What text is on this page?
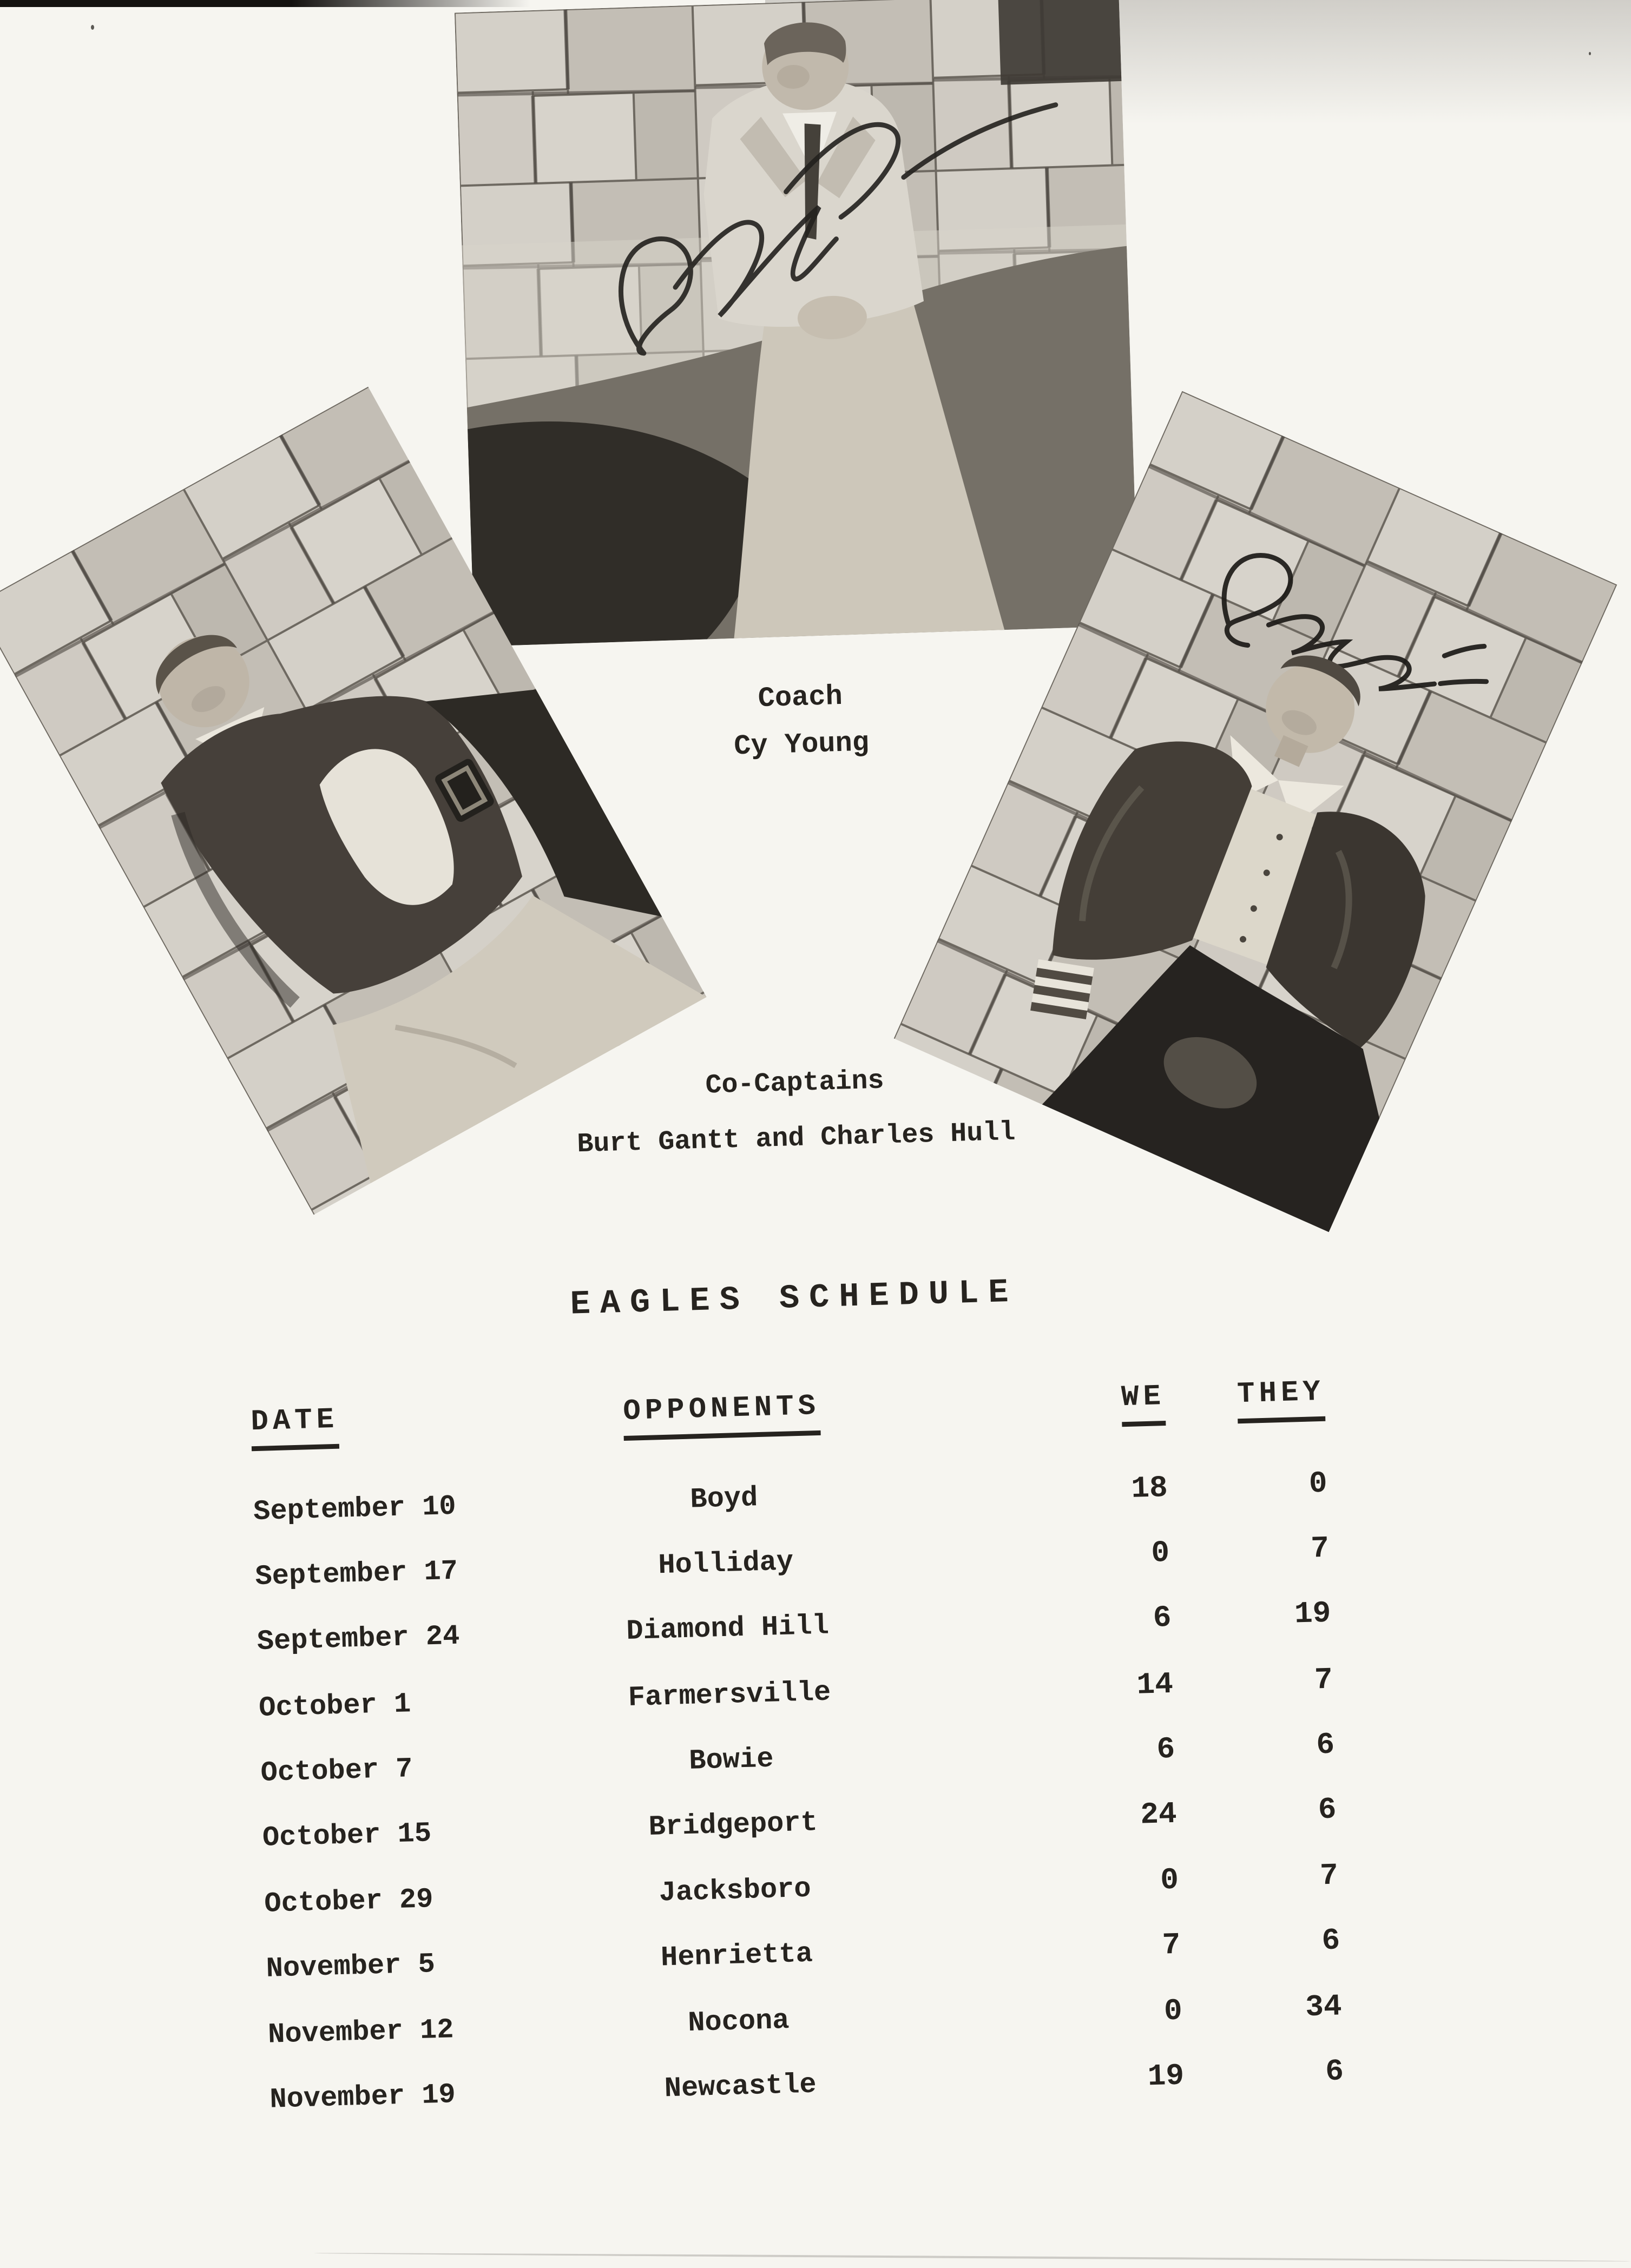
Coach
Cy Young
Co-Captains
Burt Gantt and Charles Hull
EAGLES SCHEDULE
DATE	OPPONENTS	WE	THEY
September 10	Boyd	18	0
September 17	Holliday	0	7
September 24	Diamond Hill	6	19
October 1	Farmersville	14	7
October 7	Bowie	6	6
October 15	Bridgeport	24	6
October 29	Jacksboro	0	7
November 5	Henrietta	7	6
November 12	Nocona	0	34
November 19	Newcastle	19	6
